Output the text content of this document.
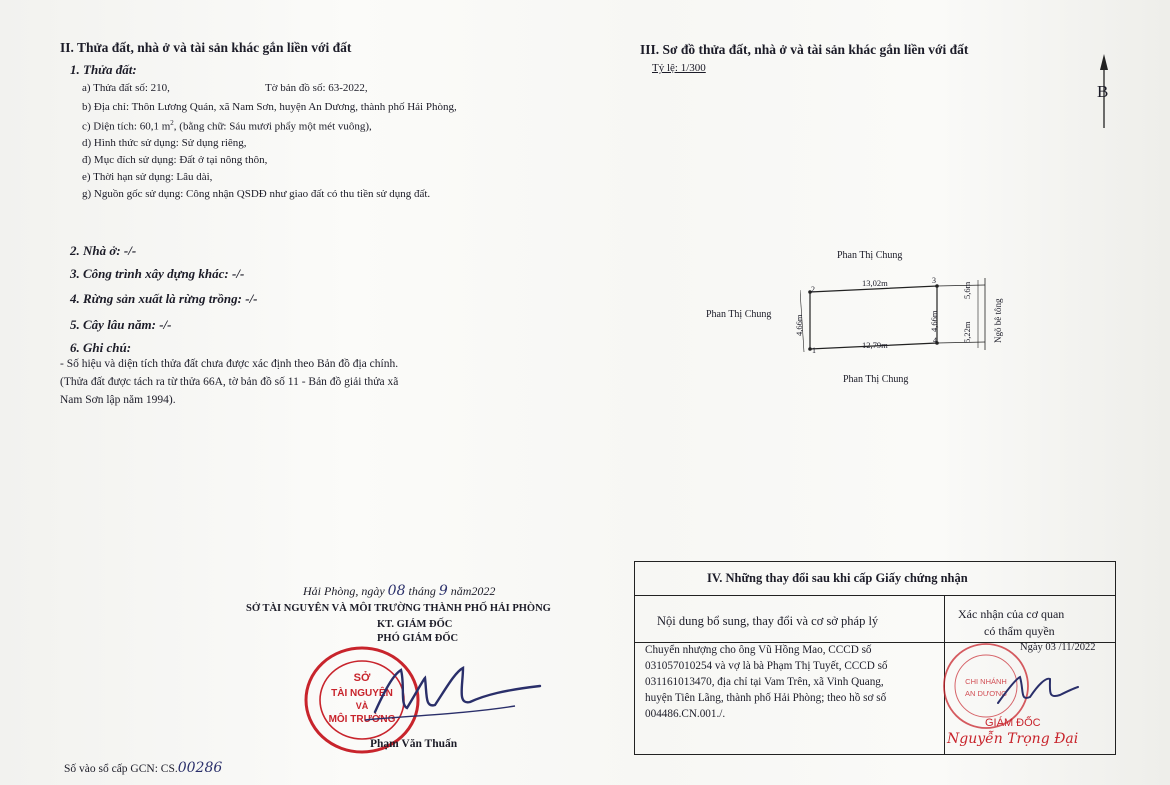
II. Thửa đất, nhà ở và tài sản khác gắn liền với đất
1. Thửa đất:
a) Thửa đất số: 210,	Tờ bản đồ số: 63-2022,
b) Địa chỉ: Thôn Lương Quán, xã Nam Sơn, huyện An Dương, thành phố Hải Phòng,
c) Diện tích: 60,1 $m^2$, (bằng chữ: Sáu mươi phẩy một mét vuông),
d) Hình thức sử dụng: Sử dụng riêng,
đ) Mục đích sử dụng: Đất ở tại nông thôn,
e) Thời hạn sử dụng: Lâu dài,
g) Nguồn gốc sử dụng: Công nhận QSDĐ như giao đất có thu tiền sử dụng đất.
2. Nhà ở: -/-
3. Công trình xây dựng khác: -/-
4. Rừng sản xuất là rừng trồng: -/-
5. Cây lâu năm: -/-
6. Ghi chú:
- Số hiệu và diện tích thửa đất chưa được xác định theo Bản đồ địa chính.
(Thửa đất được tách ra từ thửa 66A, tờ bản đồ số 11 - Bản đồ giải thửa xã
Nam Sơn lập năm 1994).
Hải Phòng, ngày 08 tháng 9 năm2022
SỞ TÀI NGUYÊN VÀ MÔI TRƯỜNG THÀNH PHỐ HẢI PHÒNG
KT. GIÁM ĐỐC
PHÓ GIÁM ĐỐC
SỞ
TÀI NGUYÊN
VÀ
MÔI TRƯỜNG
Phạm Văn Thuấn
Số vào sổ cấp GCN: CS.00286
III. Sơ đồ thửa đất, nhà ở và tài sản khác gắn liền với đất
Tỷ lệ: 1/300
B
Phan Thị Chung
Phan Thị Chung
Phan Thị Chung
Ngõ bê tông
13,02m
12,79m
4,66m	4,66m
5,6m
5,22m
1
2
3
4
IV. Những thay đổi sau khi cấp Giấy chứng nhận
Nội dung bổ sung, thay đổi và cơ sở pháp lý	Xác nhận của cơ quan
có thẩm quyền
Chuyển nhượng cho ông Vũ Hồng Mao, CCCD số
031057010254 và vợ là bà Phạm Thị Tuyết, CCCD số
031161013470, địa chỉ tại Vam Trên, xã Vinh Quang,
huyện Tiên Lãng, thành phố Hải Phòng; theo hồ sơ số
004486.CN.001./.
Ngày 03 /11/2022
CHI NHÁNH
AN DƯƠNG
GIÁM ĐỐC
Nguyễn Trọng Đại
